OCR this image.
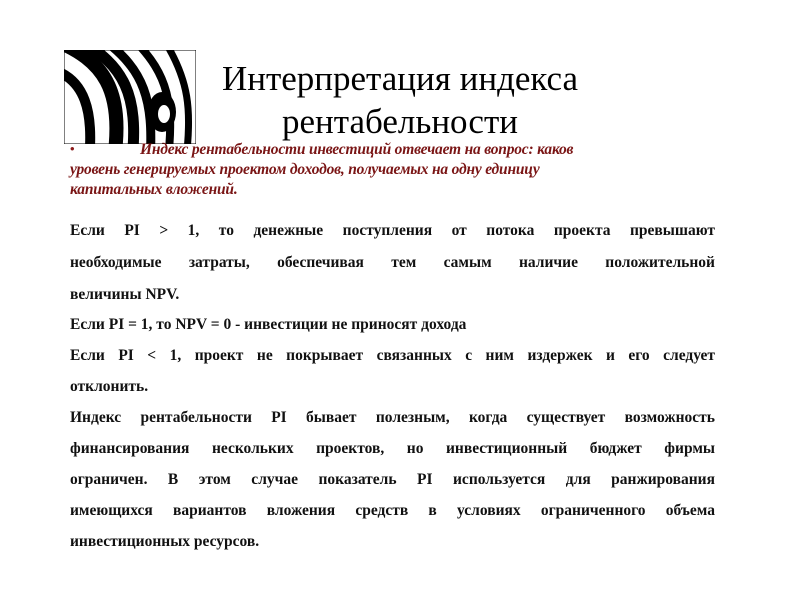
Интерпретация индекса
рентабельности
•	Индекс рентабельности инвестиций отвечает на вопрос: каков
уровень генерируемых проектом доходов, получаемых на одну единицу
капитальных вложений.
Если PI > 1, то денежные поступления от потока проекта превышают
необходимые затраты, обеспечивая тем самым наличие положительной
величины NPV.
Если PI = 1, то NPV = 0 - инвестиции не приносят дохода
Если PI < 1, проект не покрывает связанных с ним издержек и его следует
отклонить.
Индекс рентабельности PI бывает полезным, когда существует возможность
финансирования нескольких проектов, но инвестиционный бюджет фирмы
ограничен. В этом случае показатель PI используется для ранжирования
имеющихся вариантов вложения средств в условиях ограниченного объема
инвестиционных ресурсов.
